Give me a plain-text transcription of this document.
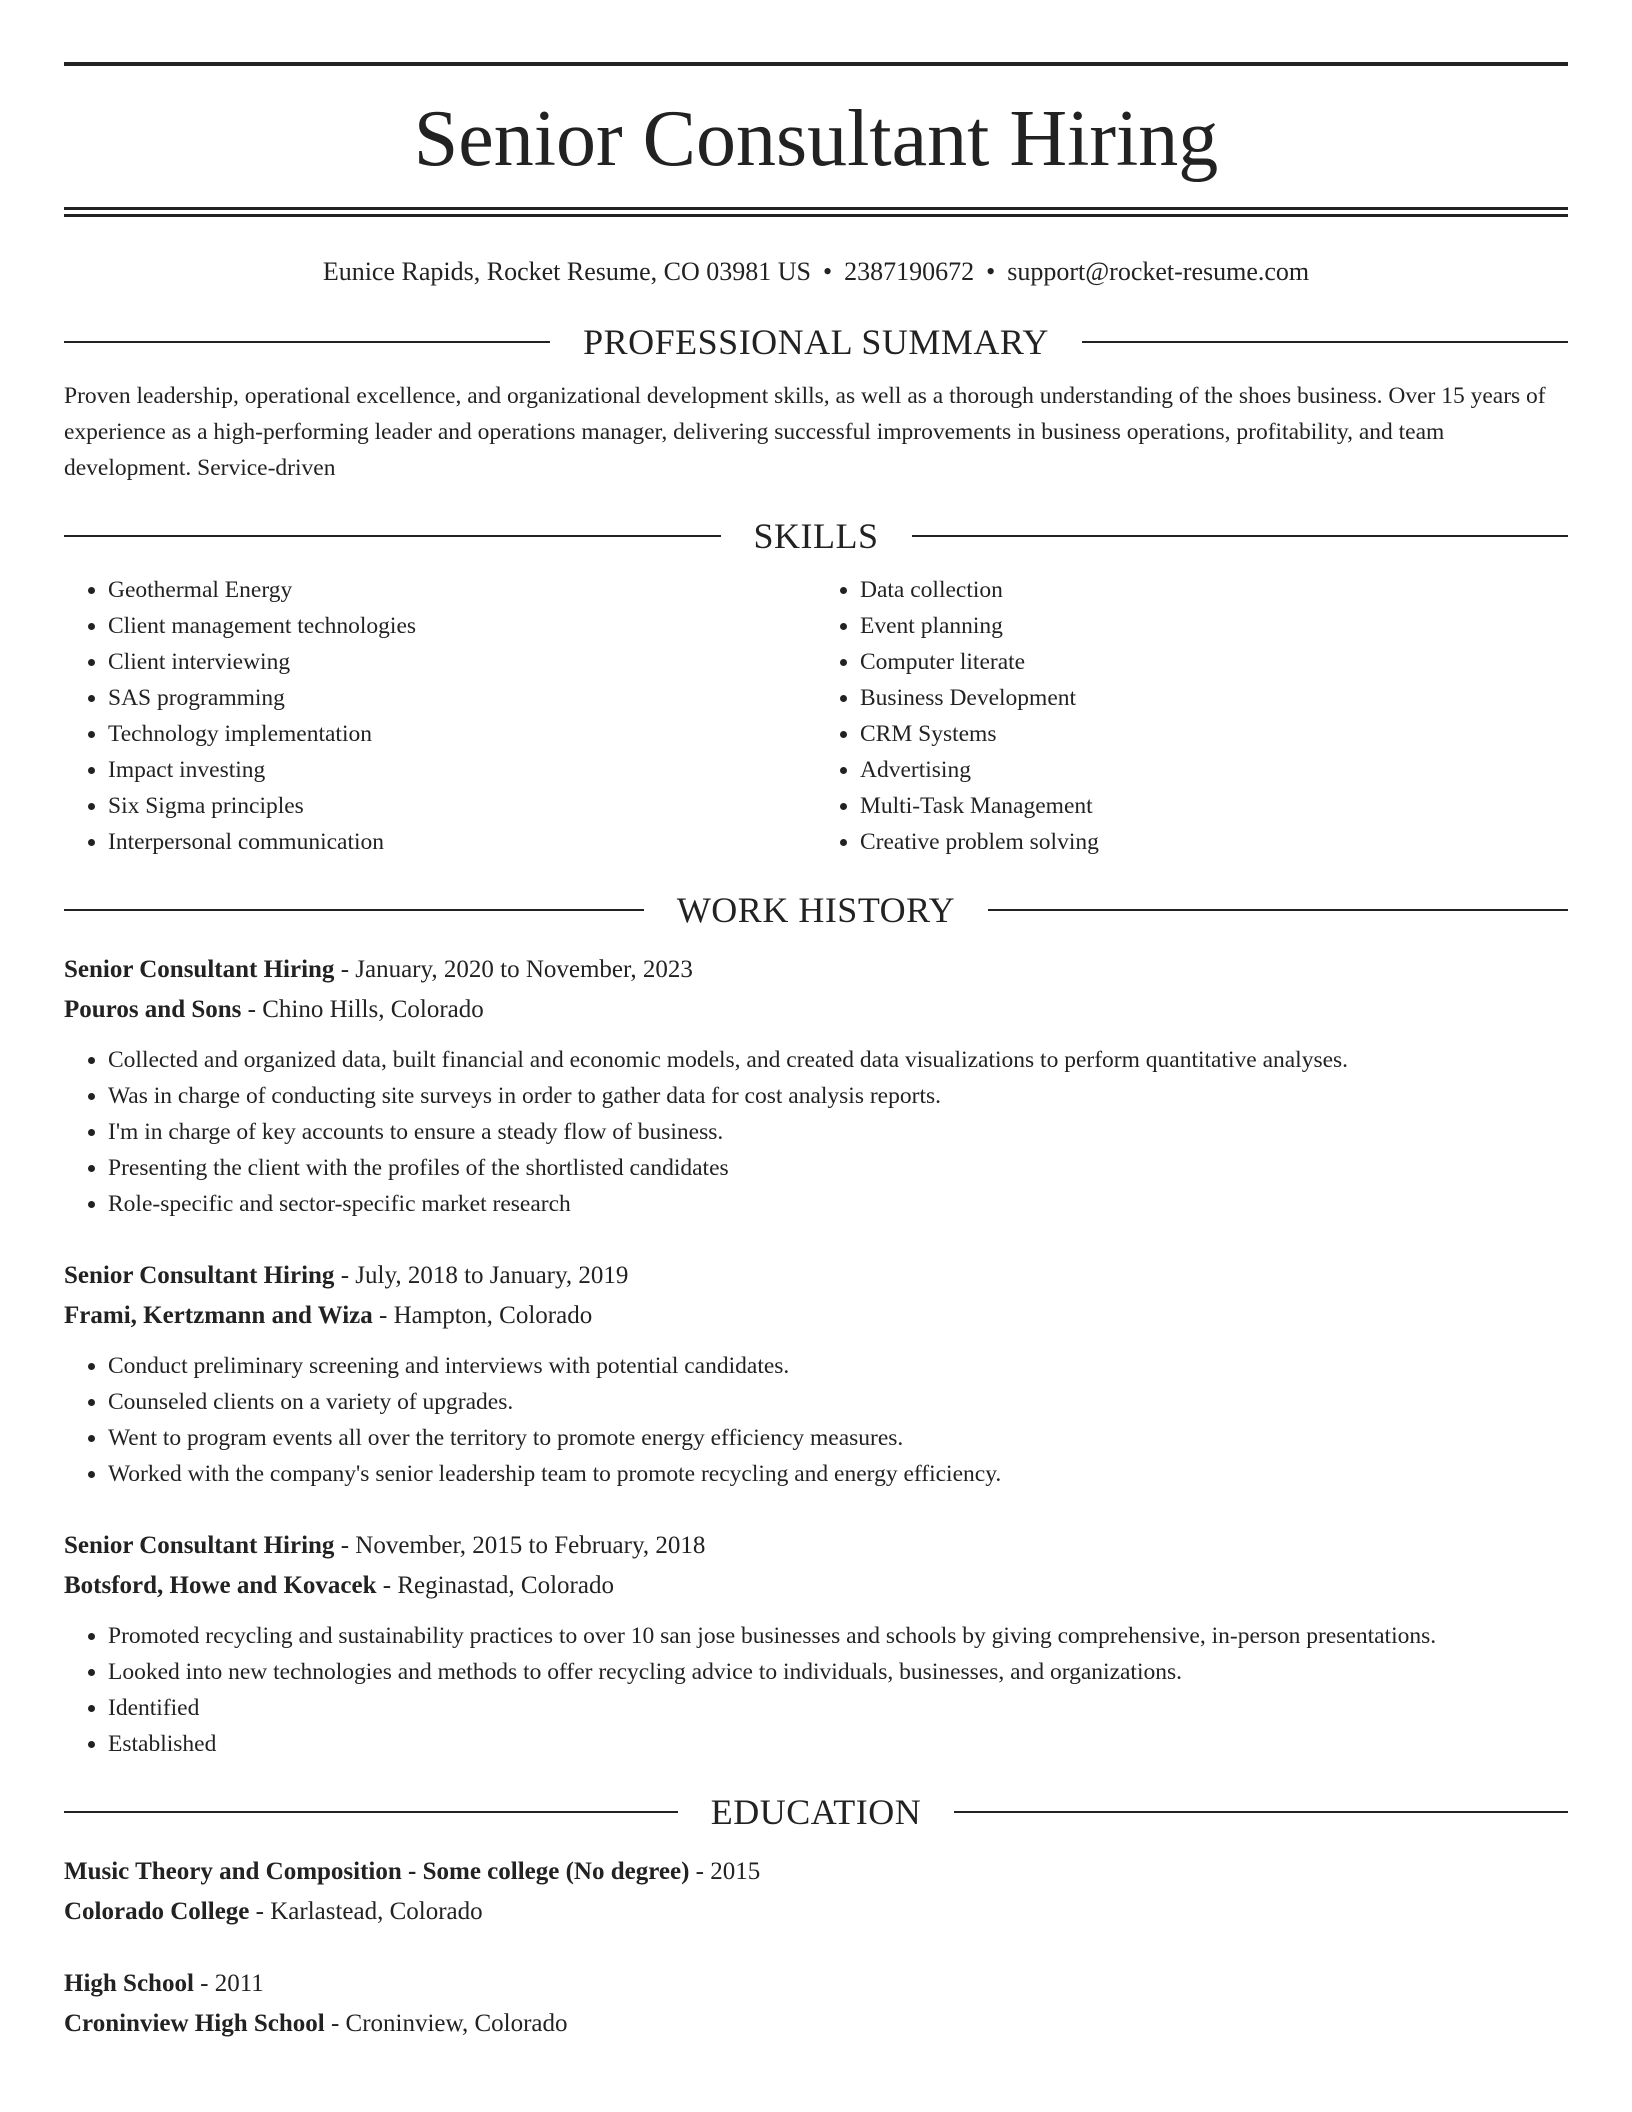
Senior Consultant Hiring
Eunice Rapids, Rocket Resume, CO 03981 US • 2387190672 • support@rocket-resume.com
PROFESSIONAL SUMMARY
Proven leadership, operational excellence, and organizational development skills, as well as a thorough understanding of the shoes business. Over 15 years of experience as a high-performing leader and operations manager, delivering successful improvements in business operations, profitability, and team development. Service-driven
SKILLS
• Geothermal Energy
• Client management technologies
• Client interviewing
• SAS programming
• Technology implementation
• Impact investing
• Six Sigma principles
• Interpersonal communication
• Data collection
• Event planning
• Computer literate
• Business Development
• CRM Systems
• Advertising
• Multi-Task Management
• Creative problem solving
WORK HISTORY
Senior Consultant Hiring - January, 2020 to November, 2023
Pouros and Sons - Chino Hills, Colorado
• Collected and organized data, built financial and economic models, and created data visualizations to perform quantitative analyses.
• Was in charge of conducting site surveys in order to gather data for cost analysis reports.
• I'm in charge of key accounts to ensure a steady flow of business.
• Presenting the client with the profiles of the shortlisted candidates
• Role-specific and sector-specific market research
Senior Consultant Hiring - July, 2018 to January, 2019
Frami, Kertzmann and Wiza - Hampton, Colorado
• Conduct preliminary screening and interviews with potential candidates.
• Counseled clients on a variety of upgrades.
• Went to program events all over the territory to promote energy efficiency measures.
• Worked with the company's senior leadership team to promote recycling and energy efficiency.
Senior Consultant Hiring - November, 2015 to February, 2018
Botsford, Howe and Kovacek - Reginastad, Colorado
• Promoted recycling and sustainability practices to over 10 san jose businesses and schools by giving comprehensive, in-person presentations.
• Looked into new technologies and methods to offer recycling advice to individuals, businesses, and organizations.
• Identified
• Established
EDUCATION
Music Theory and Composition - Some college (No degree) - 2015
Colorado College - Karlastead, Colorado
High School - 2011
Croninview High School - Croninview, Colorado
